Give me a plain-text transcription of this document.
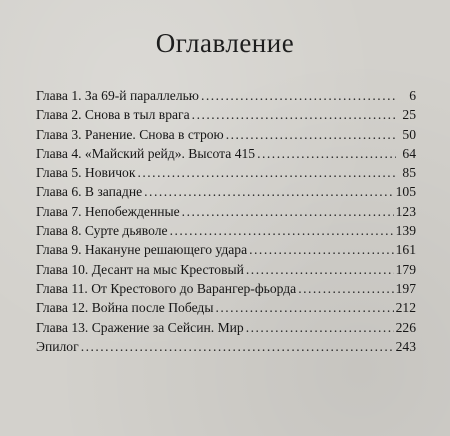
Оглавление
Глава 1. За 69-й параллелью .....	6
Глава 2. Снова в тыл врага .....	25
Глава 3. Ранение. Снова в строю .....	50
Глава 4. «Майский рейд». Высота 415 .....	64
Глава 5. Новичок .....	85
Глава 6. В западне .....	105
Глава 7. Непобежденные .....	123
Глава 8. Сурте дьяволе .....	139
Глава 9. Накануне решающего удара .....	161
Глава 10. Десант на мыс Крестовый .....	179
Глава 11. От Крестового до Варангер-фьорда .....	197
Глава 12. Война после Победы .....	212
Глава 13. Сражение за Сейсин. Мир .....	226
Эпилог .....	243
